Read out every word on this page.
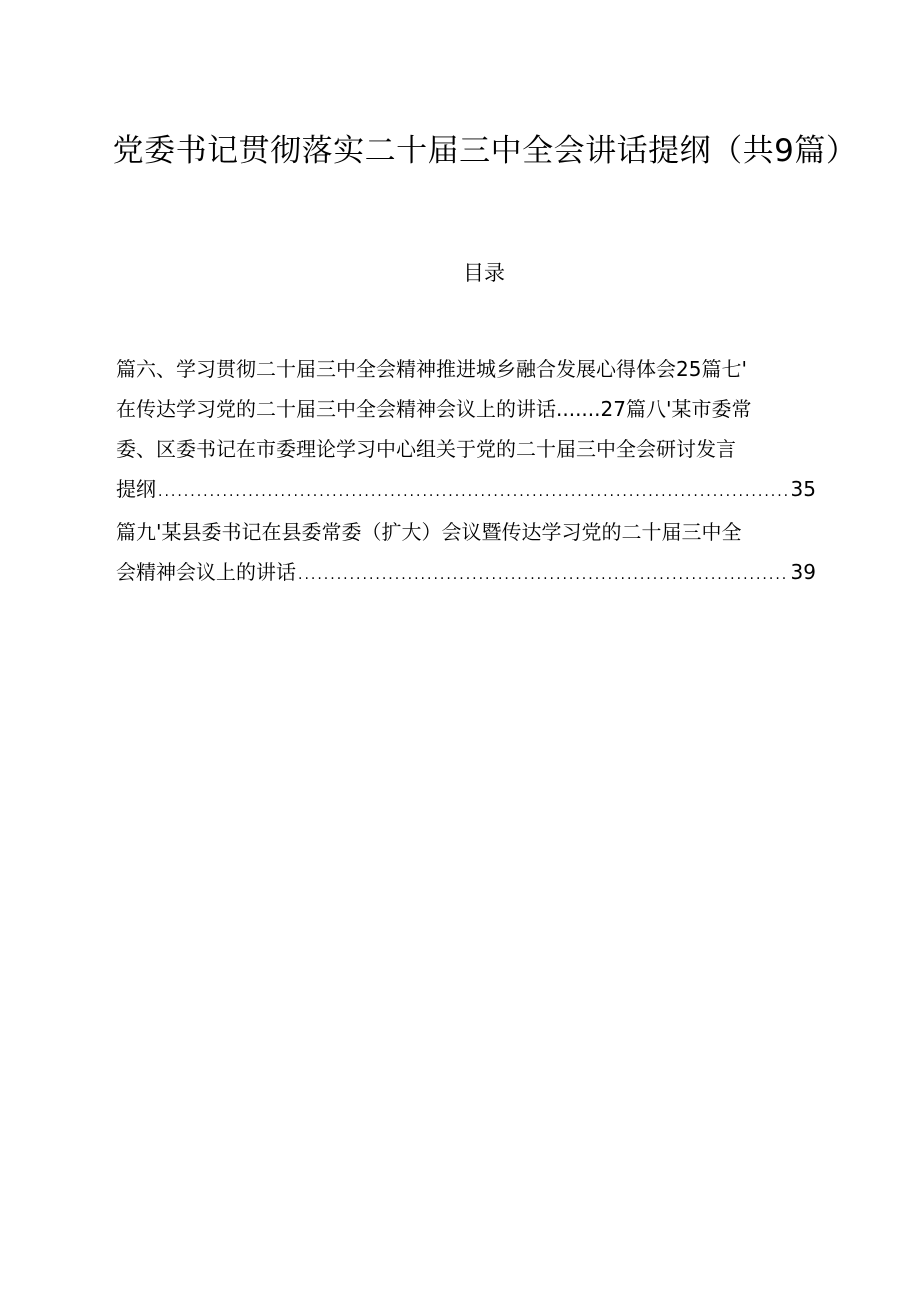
党委书记贯彻落实二十届三中全会讲话提纲（共9篇）
目录
篇六、学习贯彻二十届三中全会精神推进城乡融合发展心得体会25篇七'
在传达学习党的二十届三中全会精神会议上的讲话 ....... 27篇八'某市委常
委、区委书记在市委理论学习中心组关于党的二十届三中全会研讨发言
提纲 .....	35
篇九'某县委书记在县委常委（扩大）会议暨传达学习党的二十届三中全
会精神会议上的讲话 .....	39
